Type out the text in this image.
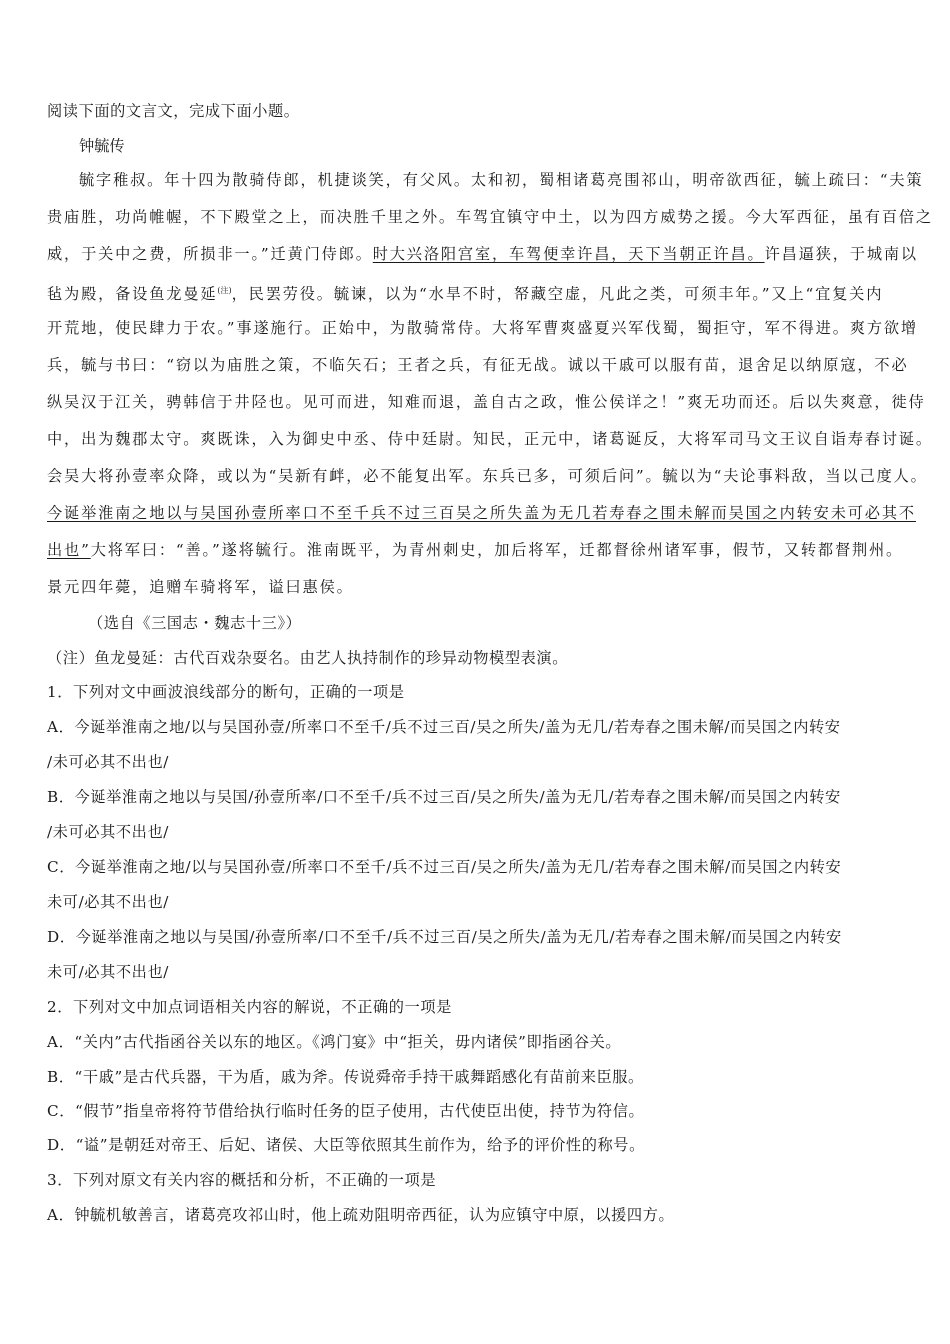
阅读下面的文言文，完成下面小题。
钟毓传
毓字稚叔。年十四为散骑侍郎，机捷谈笑，有父风。太和初，蜀相诸葛亮围祁山，明帝欲西征，毓上疏曰：“夫策
贵庙胜，功尚帷幄，不下殿堂之上，而决胜千里之外。车驾宜镇守中土，以为四方威势之援。今大军西征，虽有百倍之
威，于关中之费，所损非一。”迁黄门侍郎。时大兴洛阳宫室，车驾便幸许昌，天下当朝正许昌。许昌逼狭，于城南以
毡为殿，备设鱼龙曼延$^{(注)}$，民罢劳役。毓谏，以为“水旱不时，帑藏空虚，凡此之类，可须丰年。”又上“宜复关内
开荒地，使民肆力于农。”事遂施行。正始中，为散骑常侍。大将军曹爽盛夏兴军伐蜀，蜀拒守，军不得进。爽方欲增
兵，毓与书曰：“窃以为庙胜之策，不临矢石；王者之兵，有征无战。诚以干戚可以服有苗，退舍足以纳原寇，不必
纵吴汉于江关，骋韩信于井陉也。见可而进，知难而退，盖自古之政，惟公侯详之！”爽无功而还。后以失爽意，徙侍
中，出为魏郡太守。爽既诛，入为御史中丞、侍中廷尉。知民，正元中，诸葛诞反，大将军司马文王议自诣寿春讨诞。
会吴大将孙壹率众降，或以为“吴新有衅，必不能复出军。东兵已多，可须后问”。毓以为“夫论事料敌，当以己度人。
今诞举淮南之地以与吴国孙壹所率口不至千兵不过三百吴之所失盖为无几若寿春之围未解而吴国之内转安未可必其不
出也”大将军曰：“善。”遂将毓行。淮南既平，为青州刺史，加后将军，迁都督徐州诸军事，假节，又转都督荆州。
景元四年薨，追赠车骑将军，谥曰惠侯。
（选自《三国志・魏志十三》）
（注）鱼龙曼延：古代百戏杂耍名。由艺人执持制作的珍异动物模型表演。
1．下列对文中画波浪线部分的断句，正确的一项是
A．今诞举淮南之地/以与吴国孙壹/所率口不至千/兵不过三百/吴之所失/盖为无几/若寿春之围未解/而吴国之内转安
/未可必其不出也/
B．今诞举淮南之地以与吴国/孙壹所率/口不至千/兵不过三百/吴之所失/盖为无几/若寿春之围未解/而吴国之内转安
/未可必其不出也/
C．今诞举淮南之地/以与吴国孙壹/所率口不至千/兵不过三百/吴之所失/盖为无几/若寿春之围未解/而吴国之内转安
未可/必其不出也/
D．今诞举淮南之地以与吴国/孙壹所率/口不至千/兵不过三百/吴之所失/盖为无几/若寿春之围未解/而吴国之内转安
未可/必其不出也/
2．下列对文中加点词语相关内容的解说，不正确的一项是
A．“关内”古代指函谷关以东的地区。《鸿门宴》中“拒关，毋内诸侯”即指函谷关。
B．“干戚”是古代兵器，干为盾，戚为斧。传说舜帝手持干戚舞蹈感化有苗前来臣服。
C．“假节”指皇帝将符节借给执行临时任务的臣子使用，古代使臣出使，持节为符信。
D．“谥”是朝廷对帝王、后妃、诸侯、大臣等依照其生前作为，给予的评价性的称号。
3．下列对原文有关内容的概括和分析，不正确的一项是
A．钟毓机敏善言，诸葛亮攻祁山时，他上疏劝阻明帝西征，认为应镇守中原，以援四方。
